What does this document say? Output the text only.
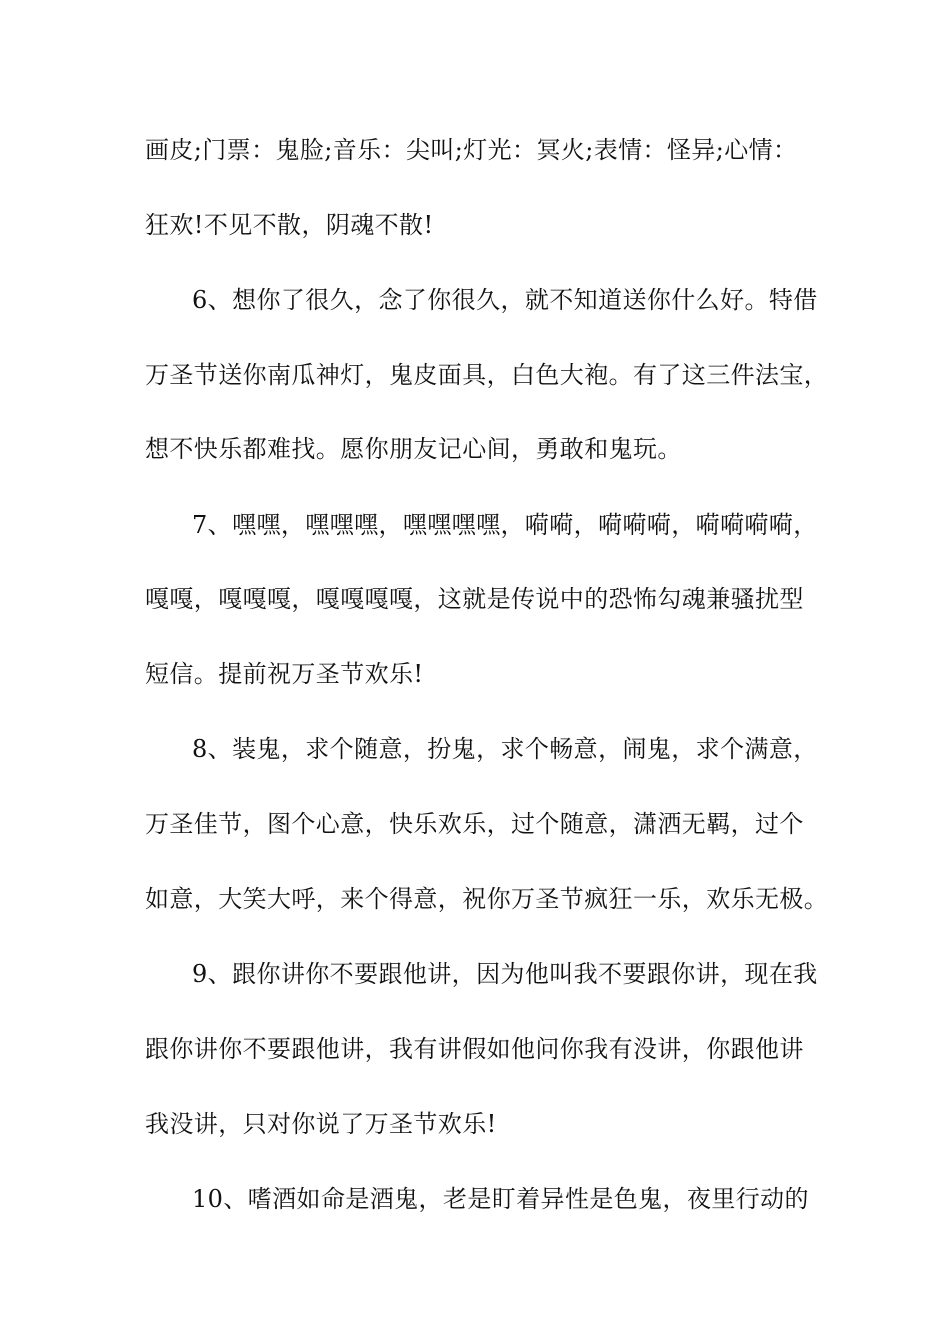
画皮;门票：鬼脸;音乐：尖叫;灯光：冥火;表情：怪异;心情：
狂欢!不见不散，阴魂不散!
6、想你了很久，念了你很久，就不知道送你什么好。特借
万圣节送你南瓜神灯，鬼皮面具，白色大袍。有了这三件法宝，
想不快乐都难找。愿你朋友记心间，勇敢和鬼玩。
7、嘿嘿，嘿嘿嘿，嘿嘿嘿嘿，嗬嗬，嗬嗬嗬，嗬嗬嗬嗬，
嘎嘎，嘎嘎嘎，嘎嘎嘎嘎，这就是传说中的恐怖勾魂兼骚扰型
短信。提前祝万圣节欢乐!
8、装鬼，求个随意，扮鬼，求个畅意，闹鬼，求个满意，
万圣佳节，图个心意，快乐欢乐，过个随意，潇洒无羁，过个
如意，大笑大呼，来个得意，祝你万圣节疯狂一乐，欢乐无极。
9、跟你讲你不要跟他讲，因为他叫我不要跟你讲，现在我
跟你讲你不要跟他讲，我有讲假如他问你我有没讲，你跟他讲
我没讲，只对你说了万圣节欢乐!
10、嗜酒如命是酒鬼，老是盯着异性是色鬼，夜里行动的
